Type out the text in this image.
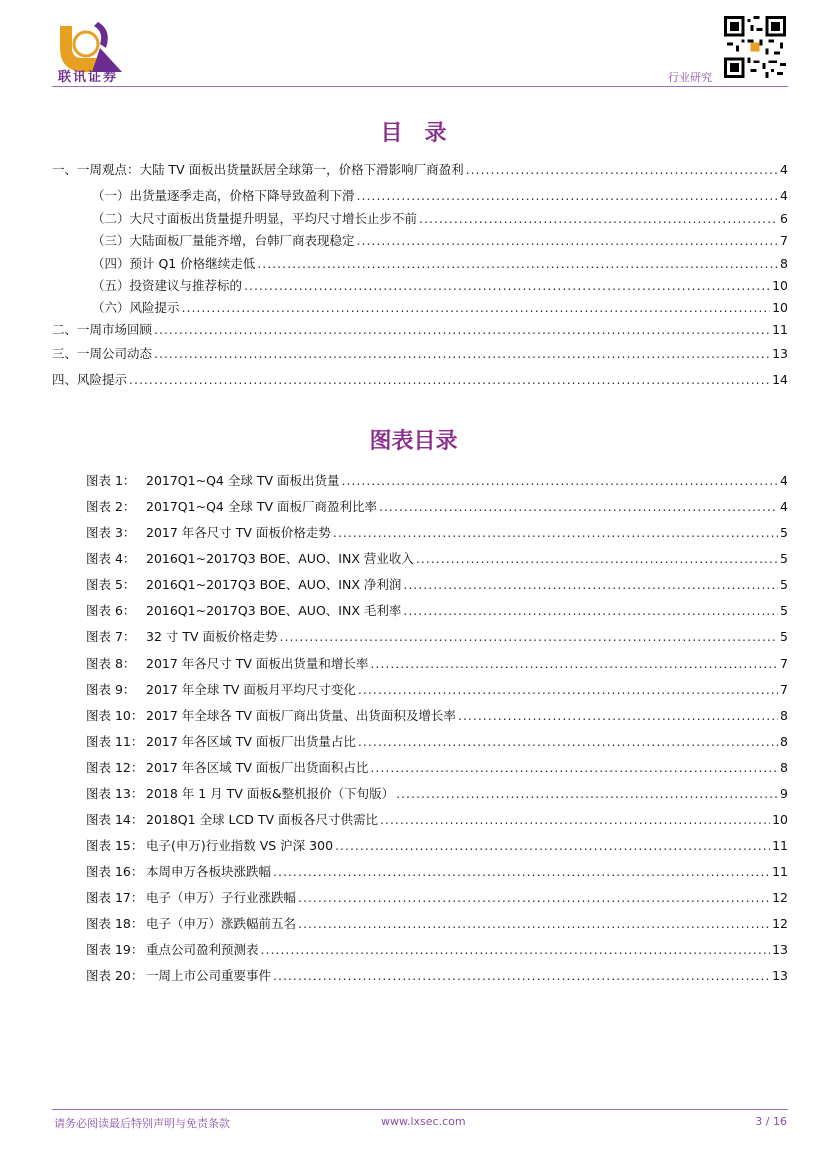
联讯证券	行业研究
目　录
一、一周观点：大陆 TV 面板出货量跃居全球第一，价格下滑影响厂商盈利 .....	4
（一）出货量逐季走高，价格下降导致盈利下滑 .....	4
（二）大尺寸面板出货量提升明显，平均尺寸增长止步不前 .....	6
（三）大陆面板厂量能齐增，台韩厂商表现稳定 .....	7
（四）预计 Q1 价格继续走低 .....	8
（五）投资建议与推荐标的 .....	10
（六）风险提示 .....	10
二、一周市场回顾 .....	11
三、一周公司动态 .....	13
四、风险提示 .....	14
图表目录
图表 1： 2017Q1~Q4 全球 TV 面板出货量 .....	4
图表 2： 2017Q1~Q4 全球 TV 面板厂商盈利比率 .....	4
图表 3： 2017 年各尺寸 TV 面板价格走势 .....	5
图表 4： 2016Q1~2017Q3 BOE、AUO、INX 营业收入 .....	5
图表 5： 2016Q1~2017Q3 BOE、AUO、INX 净利润 .....	5
图表 6： 2016Q1~2017Q3 BOE、AUO、INX 毛利率 .....	5
图表 7： 32 寸 TV 面板价格走势 .....	5
图表 8： 2017 年各尺寸 TV 面板出货量和增长率 .....	7
图表 9： 2017 年全球 TV 面板月平均尺寸变化 .....	7
图表 10： 2017 年全球各 TV 面板厂商出货量、出货面积及增长率 .....	8
图表 11： 2017 年各区域 TV 面板厂出货量占比 .....	8
图表 12： 2017 年各区域 TV 面板厂出货面积占比 .....	8
图表 13： 2018 年 1 月 TV 面板&整机报价（下旬版） .....	9
图表 14： 2018Q1 全球 LCD TV 面板各尺寸供需比 .....	10
图表 15： 电子(申万)行业指数 VS 沪深 300 .....	11
图表 16： 本周申万各板块涨跌幅 .....	11
图表 17： 电子（申万）子行业涨跌幅 .....	12
图表 18： 电子（申万）涨跌幅前五名 .....	12
图表 19： 重点公司盈利预测表 .....	13
图表 20： 一周上市公司重要事件 .....	13
请务必阅读最后特别声明与免责条款	www.lxsec.com	3 / 16
